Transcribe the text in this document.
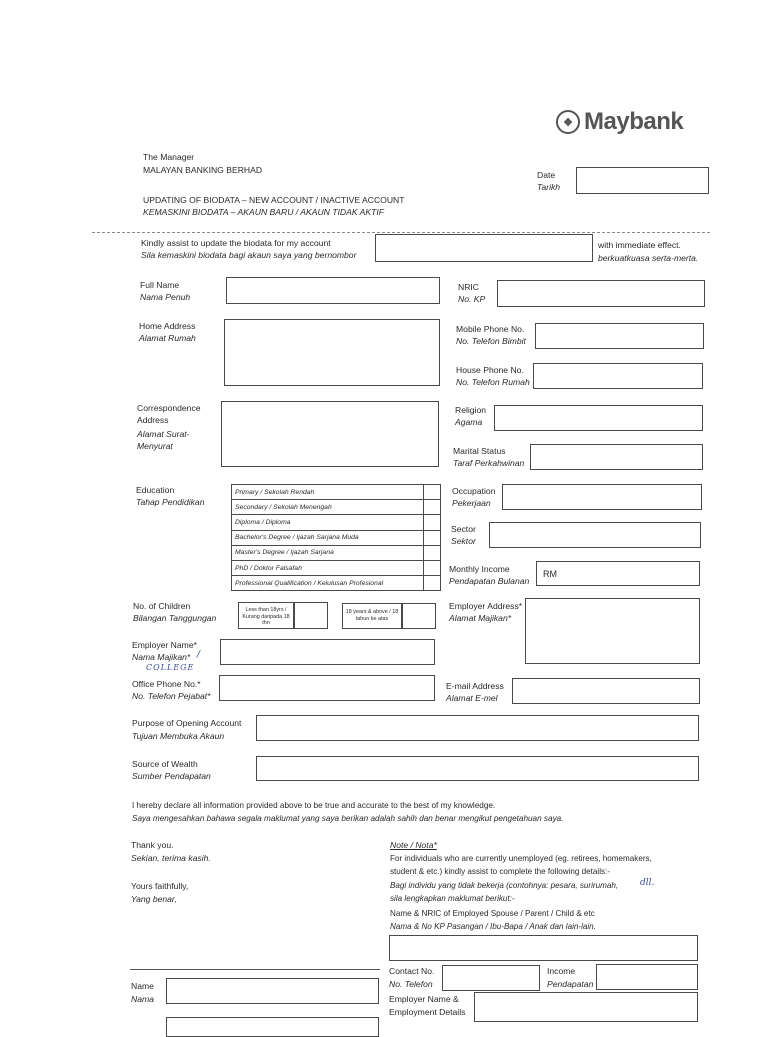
❖ Maybank
The Manager
MALAYAN BANKING BERHAD	Date
Tarikh
UPDATING OF BIODATA – NEW ACCOUNT / INACTIVE ACCOUNT
KEMASKINI BIODATA – AKAUN BARU / AKAUN TIDAK AKTIF
Kindly assist to update the biodata for my account
Sila kemaskini biodata bagi akaun saya yang bernombor
with immediate effect.
berkuatkuasa serta-merta.
Full Name
Nama Penuh
NRIC
No. KP
Home Address
Alamat Rumah
Mobile Phone No.
No. Telefon Bimbit
House Phone No.
No. Telefon Rumah
Correspondence
Address
Alamat Surat-
Menyurat
Religion
Agama
Marital Status
Taraf Perkahwinan
Education
Tahap Pendidikan
Primary / Sekolah Rendah	
Secondary / Sekolah Menengah	
Diploma / Diploma	
Bachelor's Degree / Ijazah Sarjana Muda	
Master's Degree / Ijazah Sarjana	
PhD / Doktor Falsafah	
Professional Qualification / Kelulusan Profesional	
Occupation
Pekerjaan
Sector
Sektor
Monthly Income
Pendapatan Bulanan
RM
No. of Children
Bilangan Tanggungan
Less than 18yrs / Kurang daripada 18 thn
18 years & above / 18 tahun ke atas
Employer Address*
Alamat Majikan*
Employer Name*
Nama Majikan* /
COLLEGE
Office Phone No.*
No. Telefon Pejabat*
E-mail Address
Alamat E-mel
Purpose of Opening Account
Tujuan Membuka Akaun
Source of Wealth
Sumber Pendapatan
I hereby declare all information provided above to be true and accurate to the best of my knowledge.
Saya mengesahkan bahawa segala maklumat yang saya berikan adalah sahih dan benar mengikut pengetahuan saya.
Thank you.
Sekian, terima kasih.
Yours faithfully,
Yang benar,
Name
Nama
Note / Nota*
For individuals who are currently unemployed (eg. retirees, homemakers,
student & etc.) kindly assist to complete the following details:-
Bagi individu yang tidak bekerja (contohnya: pesara, surirumah, dll.
sila lengkapkan maklumat berikut:-
Name & NRIC of Employed Spouse / Parent / Child & etc
Nama & No KP Pasangan / Ibu-Bapa / Anak dan lain-lain.
Contact No.
No. Telefon
Income
Pendapatan
Employer Name &
Employment Details
